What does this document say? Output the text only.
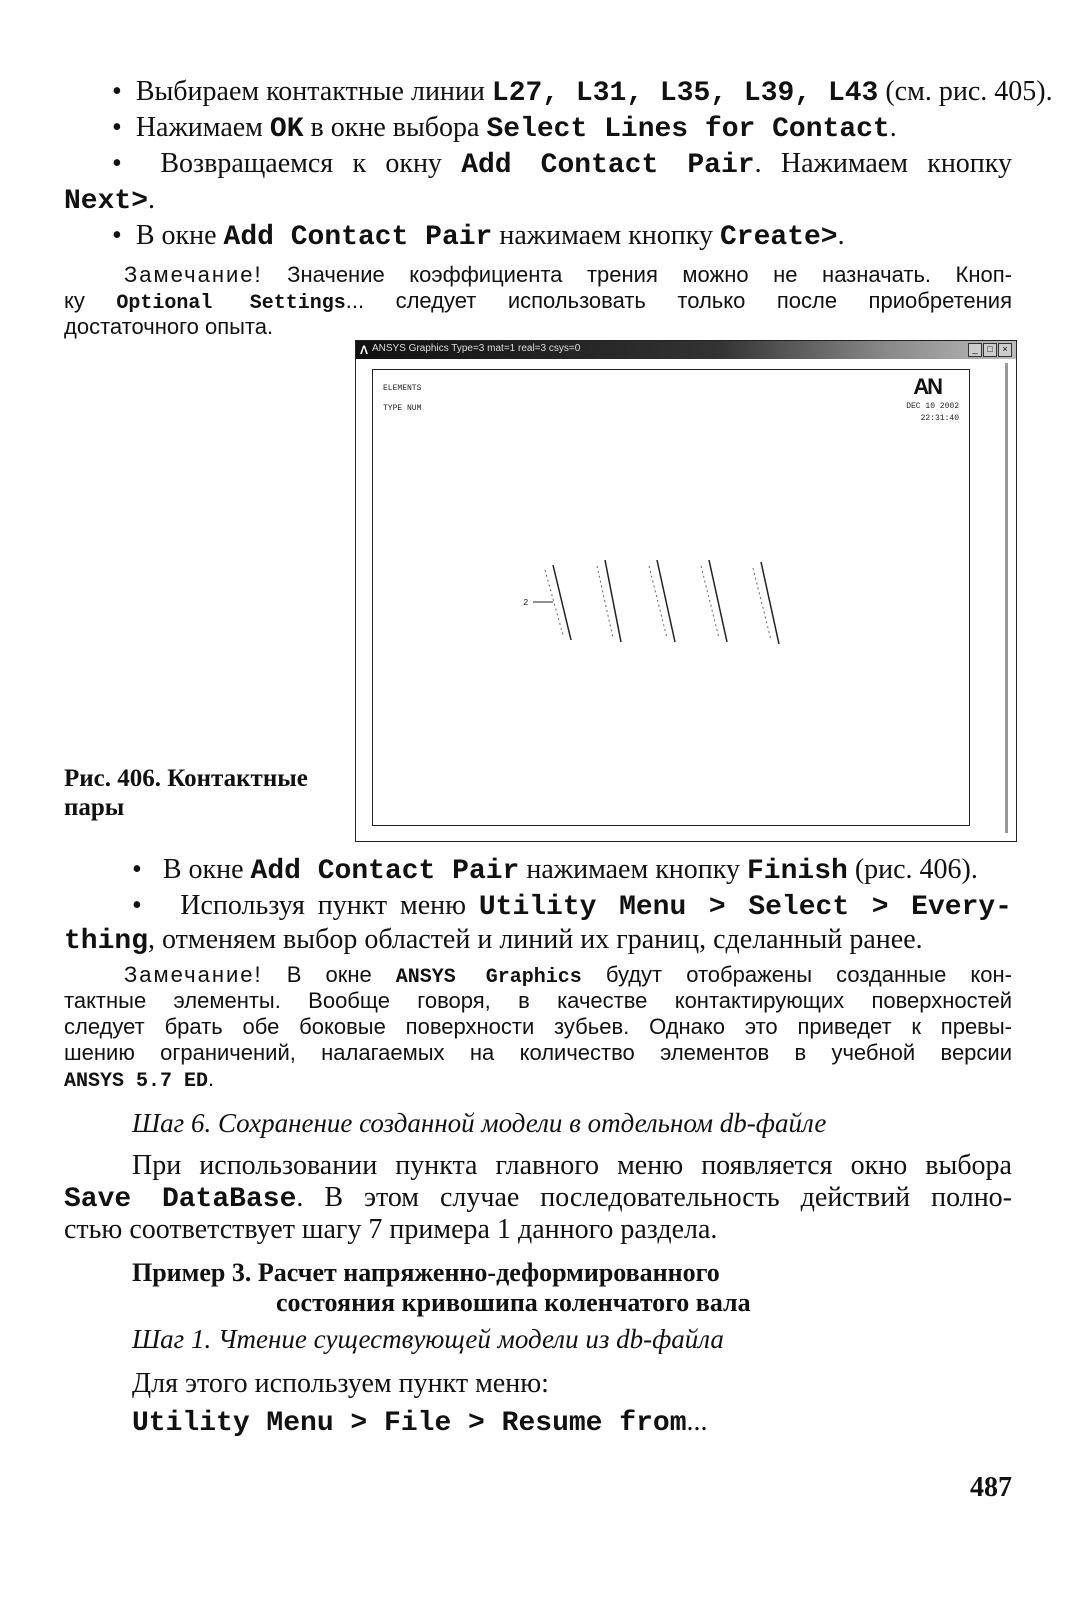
•  Выбираем контактные линии L27, L31, L35, L39, L43 (см. рис. 405).
•  Нажимаем OK в окне выбора Select Lines for Contact.
•  Возвращаемся к окну Add Contact Pair. Нажимаем кнопку
Next>.
•  В окне Add Contact Pair нажимаем кнопку Create>.
Замечание! Значение коэффициента трения можно не назначать. Кноп-
ку Optional Settings... следует использовать только после приобретения
достаточного опыта.
Λ ANSYS Graphics Type=3 mat=1 real=3 csys=0	_	□	×
ELEMENTS
TYPE NUM
AN
DEC 10 2002
22:31:40
2
Рис. 406. Контактные
пары
•   В окне Add Contact Pair нажимаем кнопку Finish (рис. 406).
•   Используя пункт меню Utility Menu > Select > Every-
thing, отменяем выбор областей и линий их границ, сделанный ранее.
Замечание! В окне ANSYS Graphics будут отображены созданные кон-
тактные элементы. Вообще говоря, в качестве контактирующих поверхностей
следует брать обе боковые поверхности зубьев. Однако это приведет к превы-
шению ограничений, налагаемых на количество элементов в учебной версии
ANSYS 5.7 ED.
Шаг 6. Сохранение созданной модели в отдельном db-файле
При использовании пункта главного меню появляется окно выбора
Save DataBase. В этом случае последовательность действий полно-
стью соответствует шагу 7 примера 1 данного раздела.
Пример 3. Расчет напряженно-деформированного
состояния кривошипа коленчатого вала
Шаг 1. Чтение существующей модели из db-файла
Для этого используем пункт меню:
Utility Menu > File > Resume from...
487
